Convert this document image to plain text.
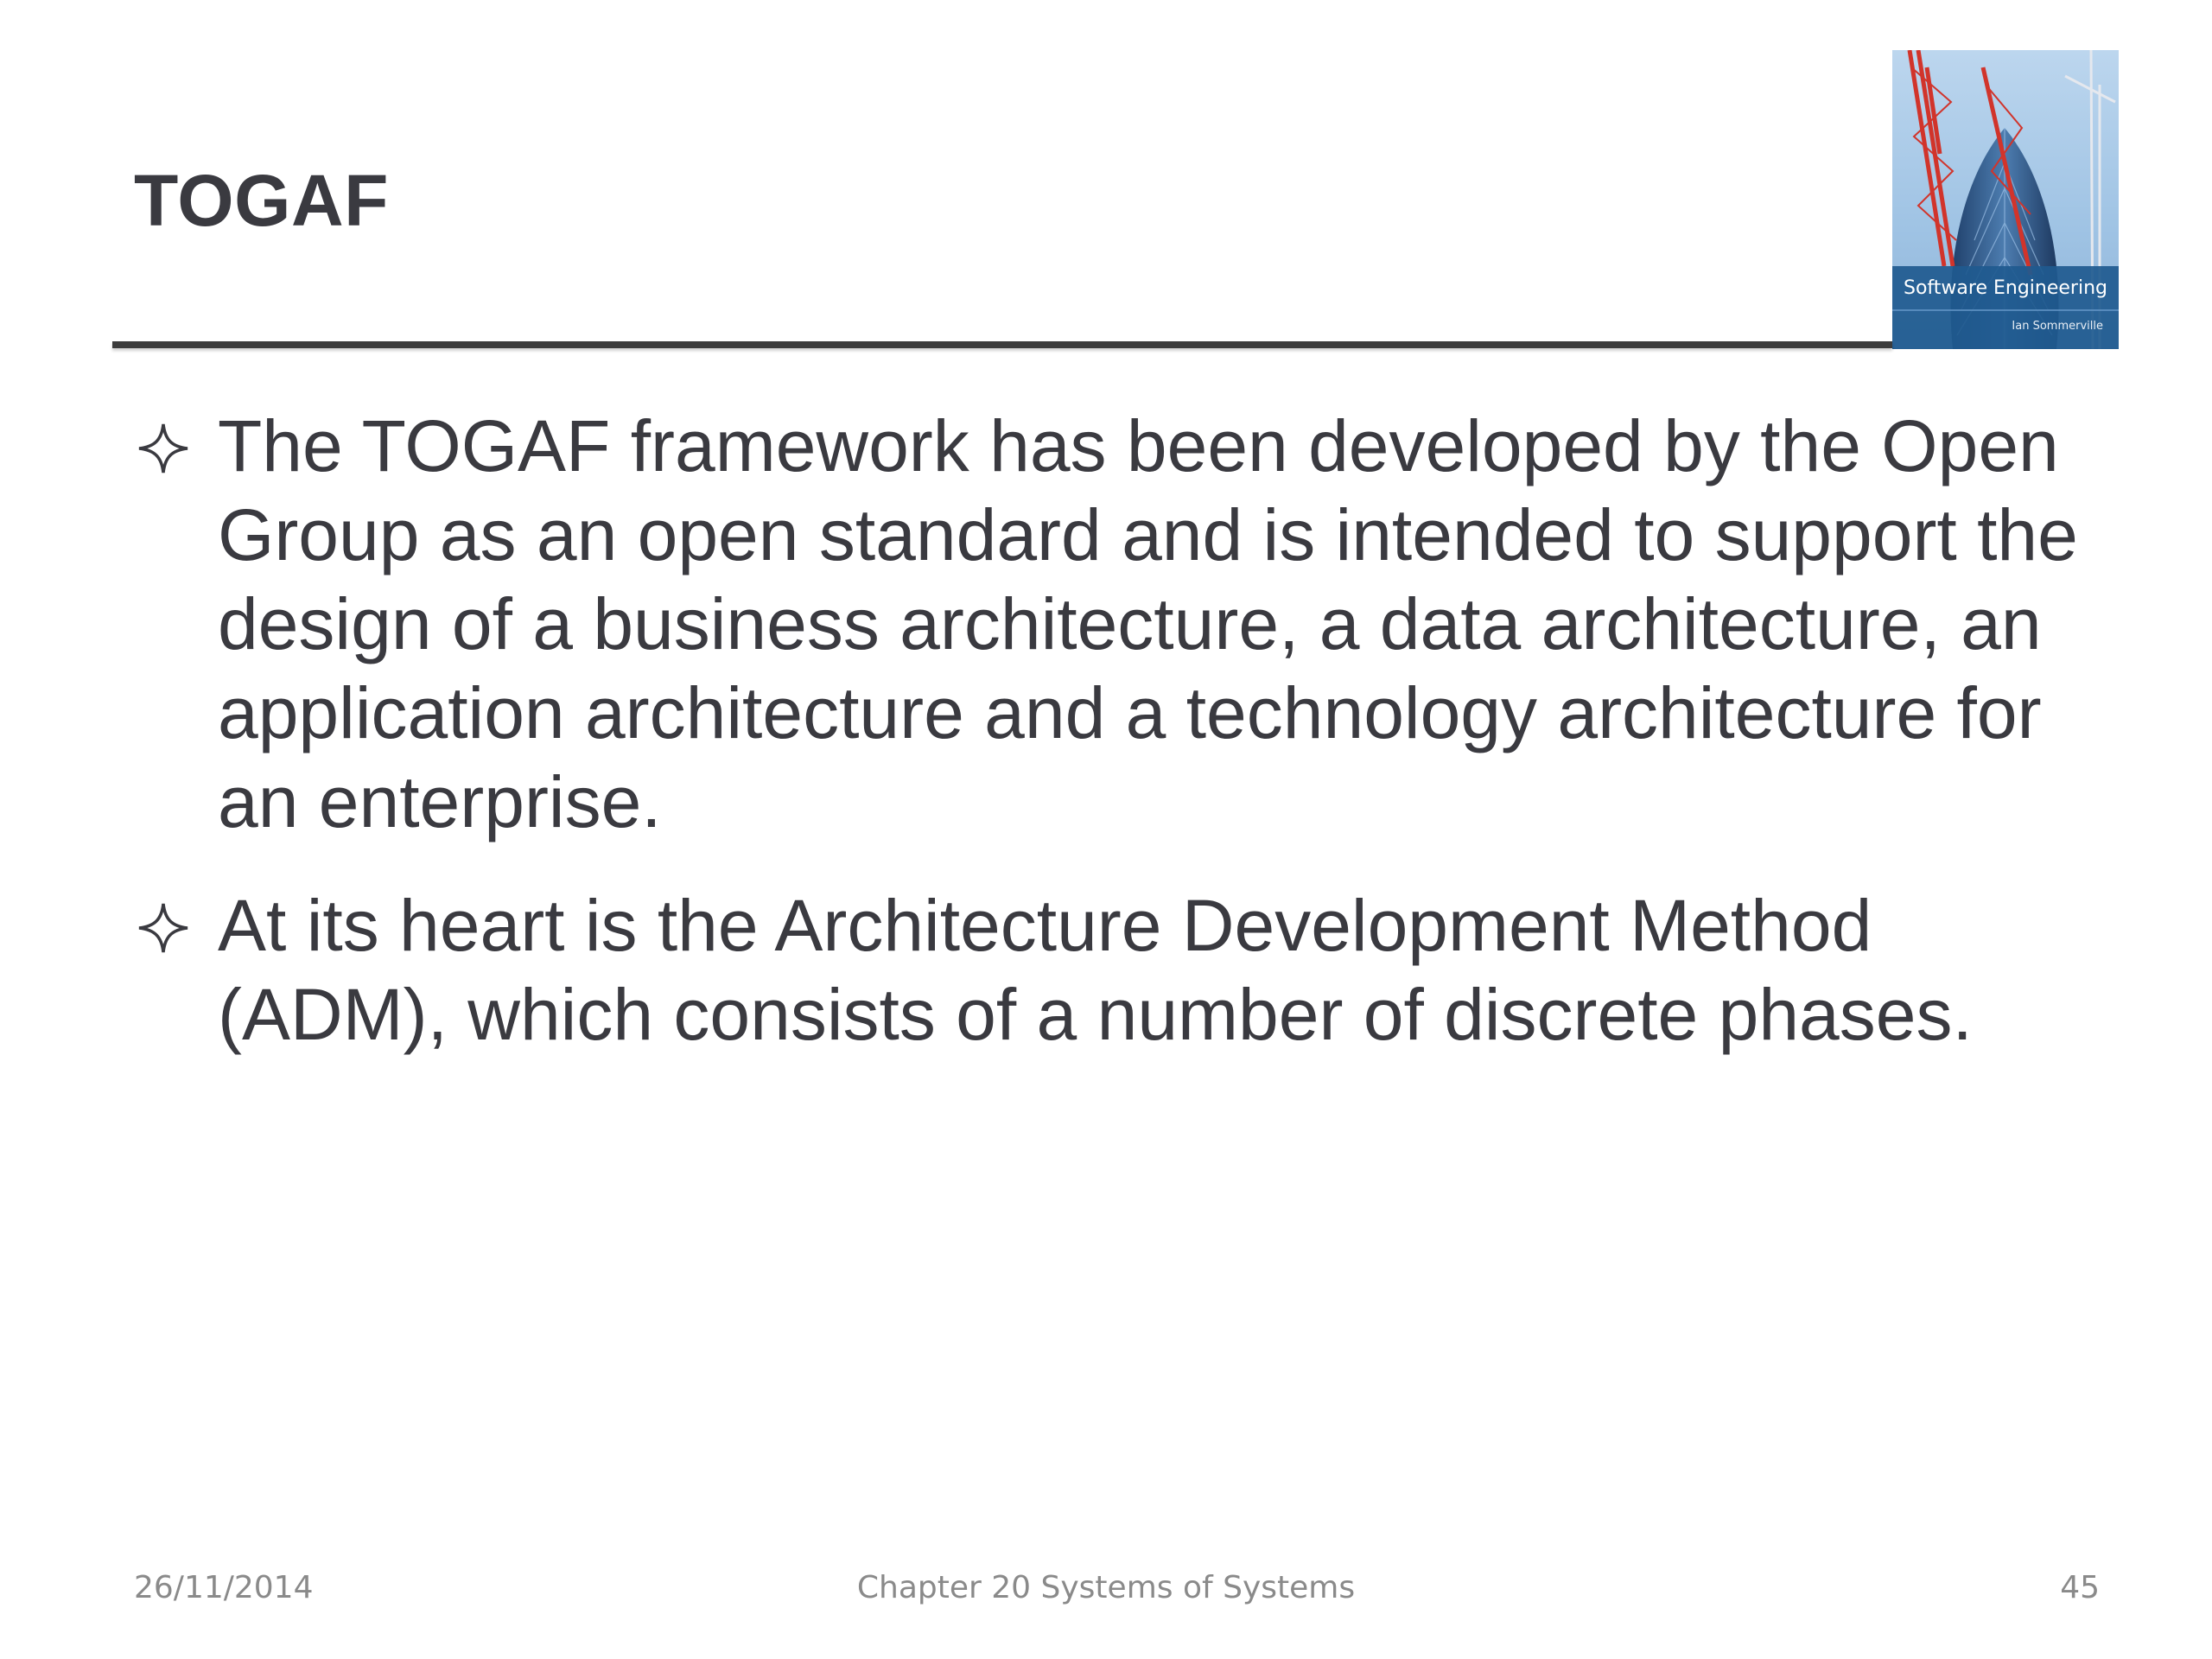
TOGAF
Software Engineering
Ian Sommerville
The TOGAF framework has been developed by the Open Group as an open standard and is intended to support the design of a business architecture, a data architecture, an application architecture and a technology architecture for an enterprise.
At its heart is the Architecture Development Method (ADM), which consists of a number of discrete phases.
Chapter 20 Systems of Systems
26/11/2014	45
